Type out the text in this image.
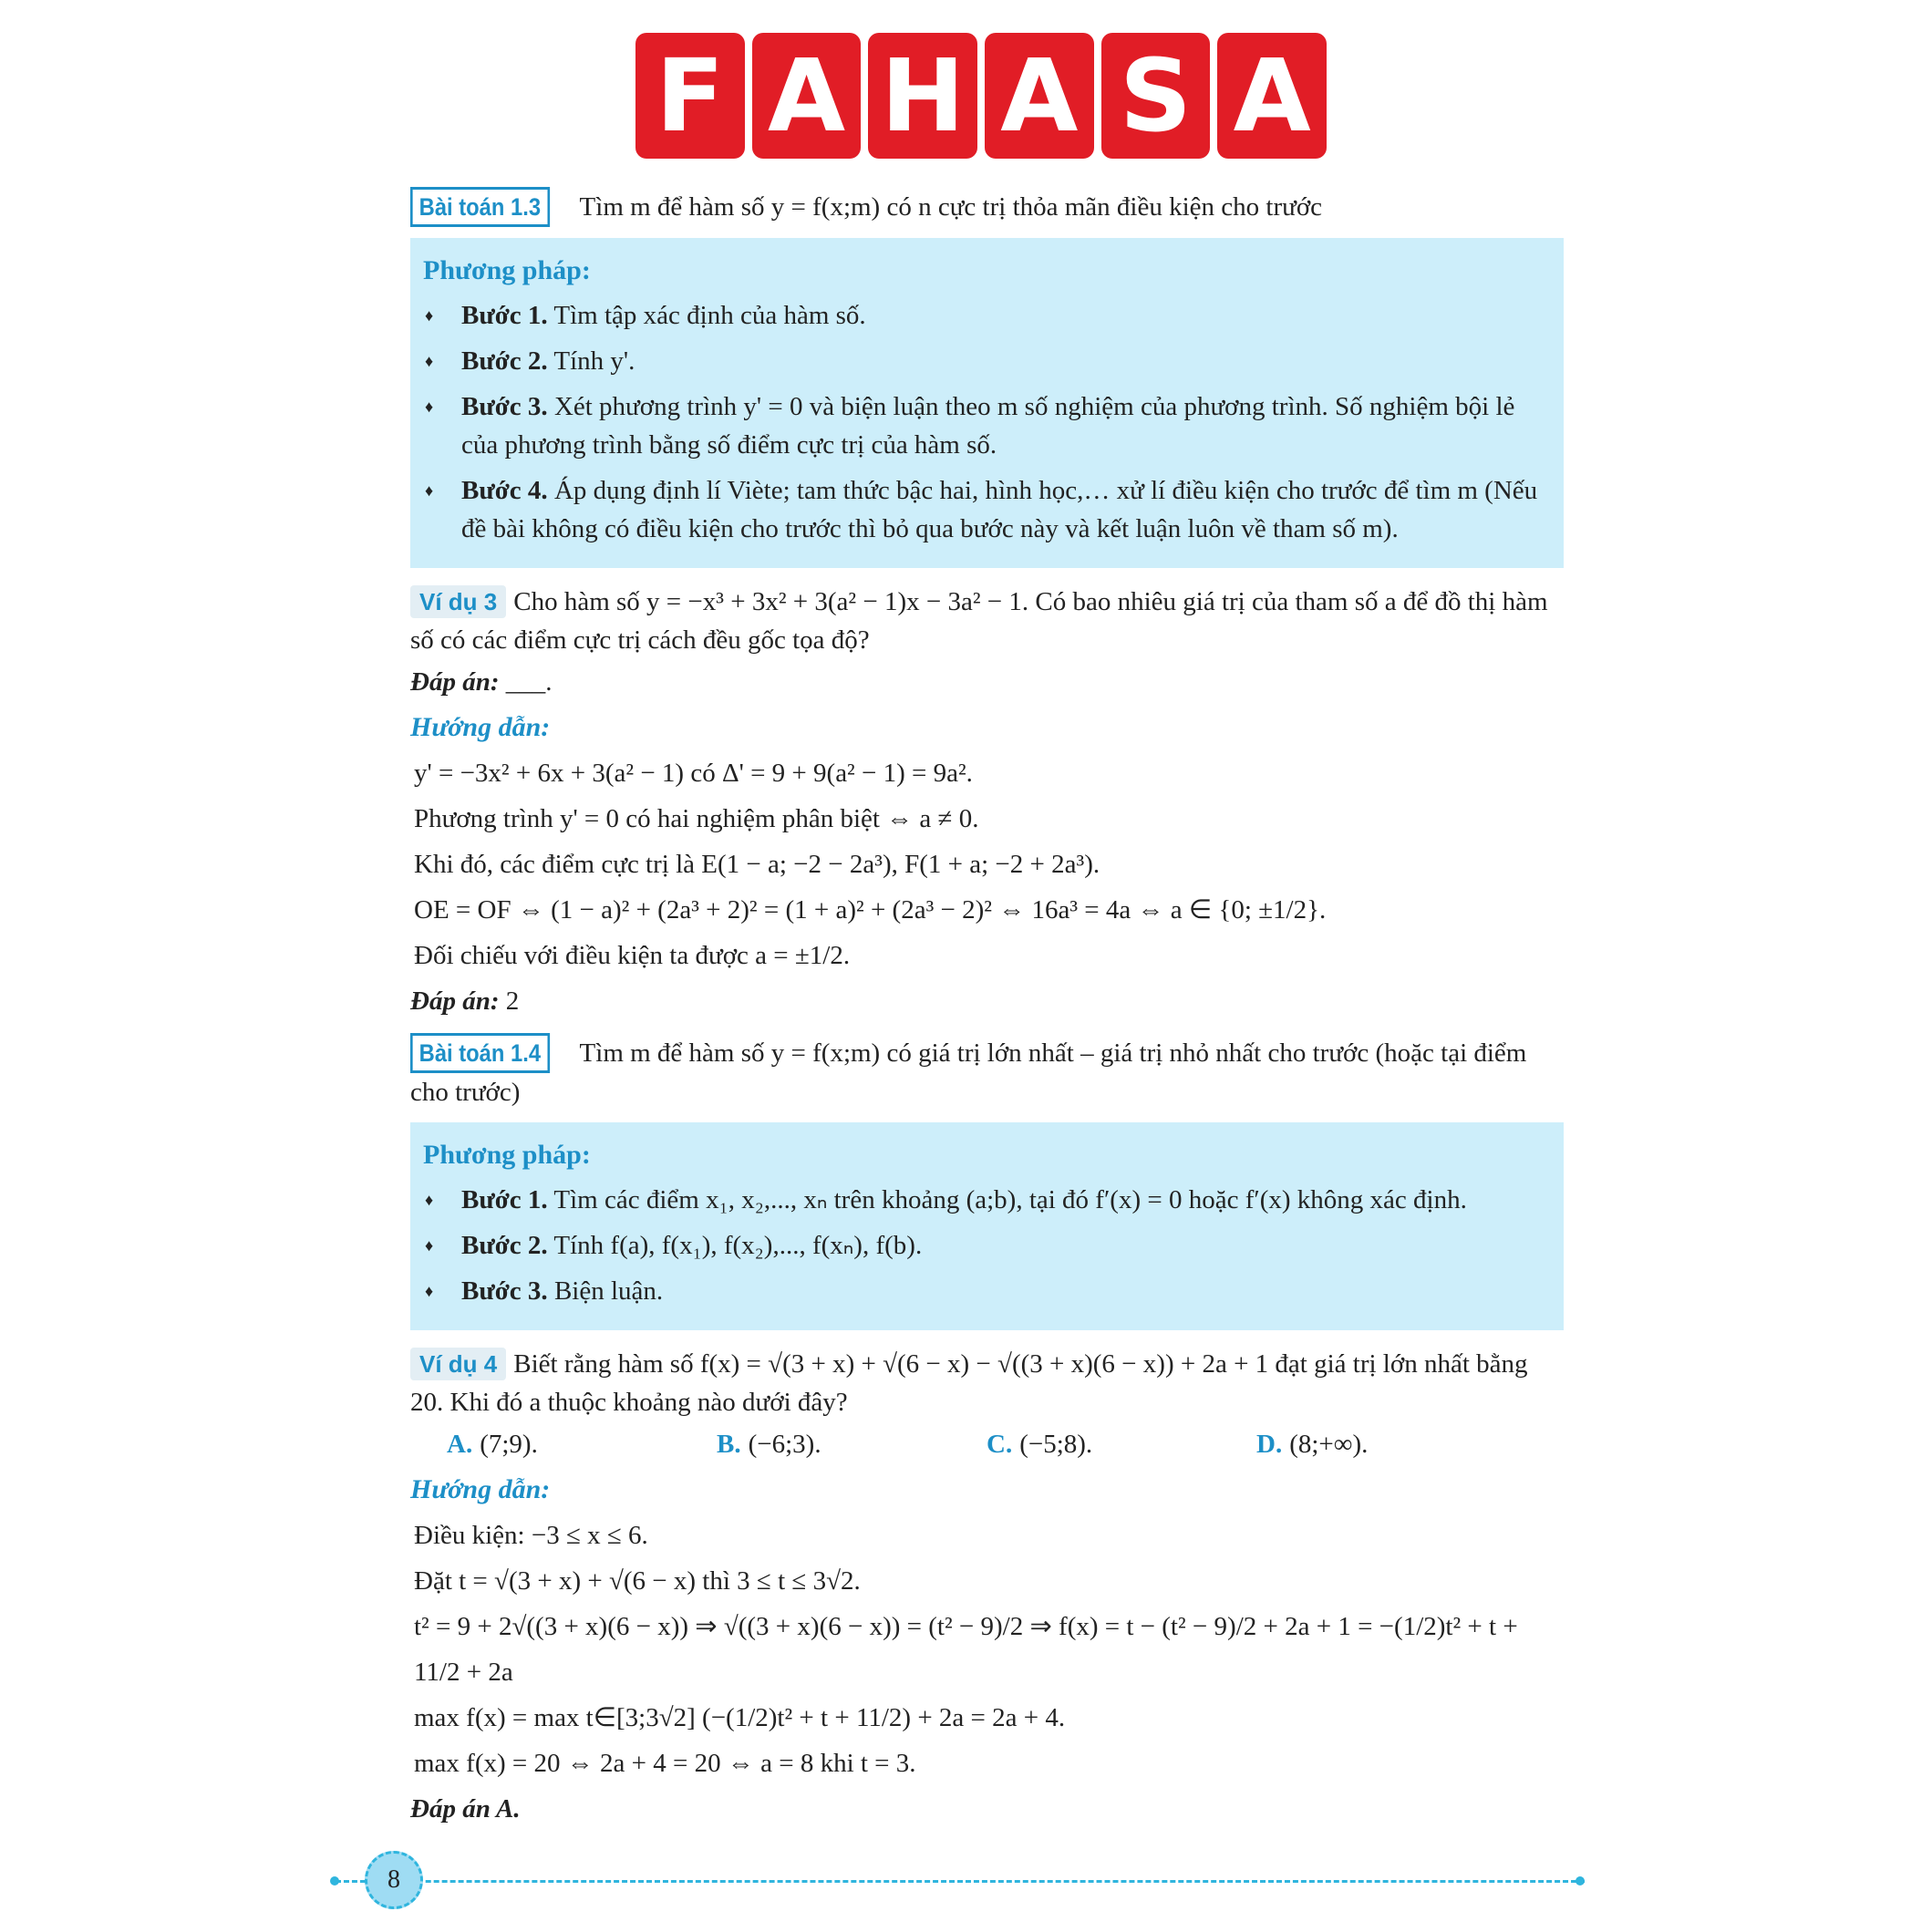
F A H A S A
Bài toán 1.3 Tìm m để hàm số y = f(x;m) có n cực trị thỏa mãn điều kiện cho trước
Phương pháp:
♦	Bước 1. Tìm tập xác định của hàm số.
♦	Bước 2. Tính y'.
♦	Bước 3. Xét phương trình y' = 0 và biện luận theo m số nghiệm của phương trình. Số nghiệm bội lẻ của phương trình bằng số điểm cực trị của hàm số.
♦	Bước 4. Áp dụng định lí Viète; tam thức bậc hai, hình học,… xử lí điều kiện cho trước để tìm m (Nếu đề bài không có điều kiện cho trước thì bỏ qua bước này và kết luận luôn về tham số m).
Ví dụ 3 Cho hàm số y = −x³ + 3x² + 3(a² − 1)x − 3a² − 1. Có bao nhiêu giá trị của tham số a để đồ thị hàm số có các điểm cực trị cách đều gốc tọa độ?
Đáp án: ___.
Hướng dẫn:
y' = −3x² + 6x + 3(a² − 1) có Δ' = 9 + 9(a² − 1) = 9a².
Phương trình y' = 0 có hai nghiệm phân biệt ⇔ a ≠ 0.
Khi đó, các điểm cực trị là E(1 − a; −2 − 2a³), F(1 + a; −2 + 2a³).
OE = OF ⇔ (1 − a)² + (2a³ + 2)² = (1 + a)² + (2a³ − 2)² ⇔ 16a³ = 4a ⇔ a ∈ {0; ±1/2}.
Đối chiếu với điều kiện ta được a = ±1/2.
Đáp án: 2
Bài toán 1.4 Tìm m để hàm số y = f(x;m) có giá trị lớn nhất – giá trị nhỏ nhất cho trước (hoặc tại điểm cho trước)
Phương pháp:
♦	Bước 1. Tìm các điểm x₁, x₂,..., xₙ trên khoảng (a;b), tại đó f′(x) = 0 hoặc f′(x) không xác định.
♦	Bước 2. Tính f(a), f(x₁), f(x₂),..., f(xₙ), f(b).
♦	Bước 3. Biện luận.
Ví dụ 4 Biết rằng hàm số f(x) = √(3 + x) + √(6 − x) − √((3 + x)(6 − x)) + 2a + 1 đạt giá trị lớn nhất bằng 20. Khi đó a thuộc khoảng nào dưới đây?
A. (7;9).	B. (−6;3).	C. (−5;8).	D. (8;+∞).
Hướng dẫn:
Điều kiện: −3 ≤ x ≤ 6.
Đặt t = √(3 + x) + √(6 − x) thì 3 ≤ t ≤ 3√2.
t² = 9 + 2√((3 + x)(6 − x)) ⇒ √((3 + x)(6 − x)) = (t² − 9)/2 ⇒ f(x) = t − (t² − 9)/2 + 2a + 1 = −(1/2)t² + t + 11/2 + 2a
max f(x) = max t∈[3;3√2] (−(1/2)t² + t + 11/2) + 2a = 2a + 4.
max f(x) = 20 ⇔ 2a + 4 = 20 ⇔ a = 8 khi t = 3.
Đáp án A.
8
